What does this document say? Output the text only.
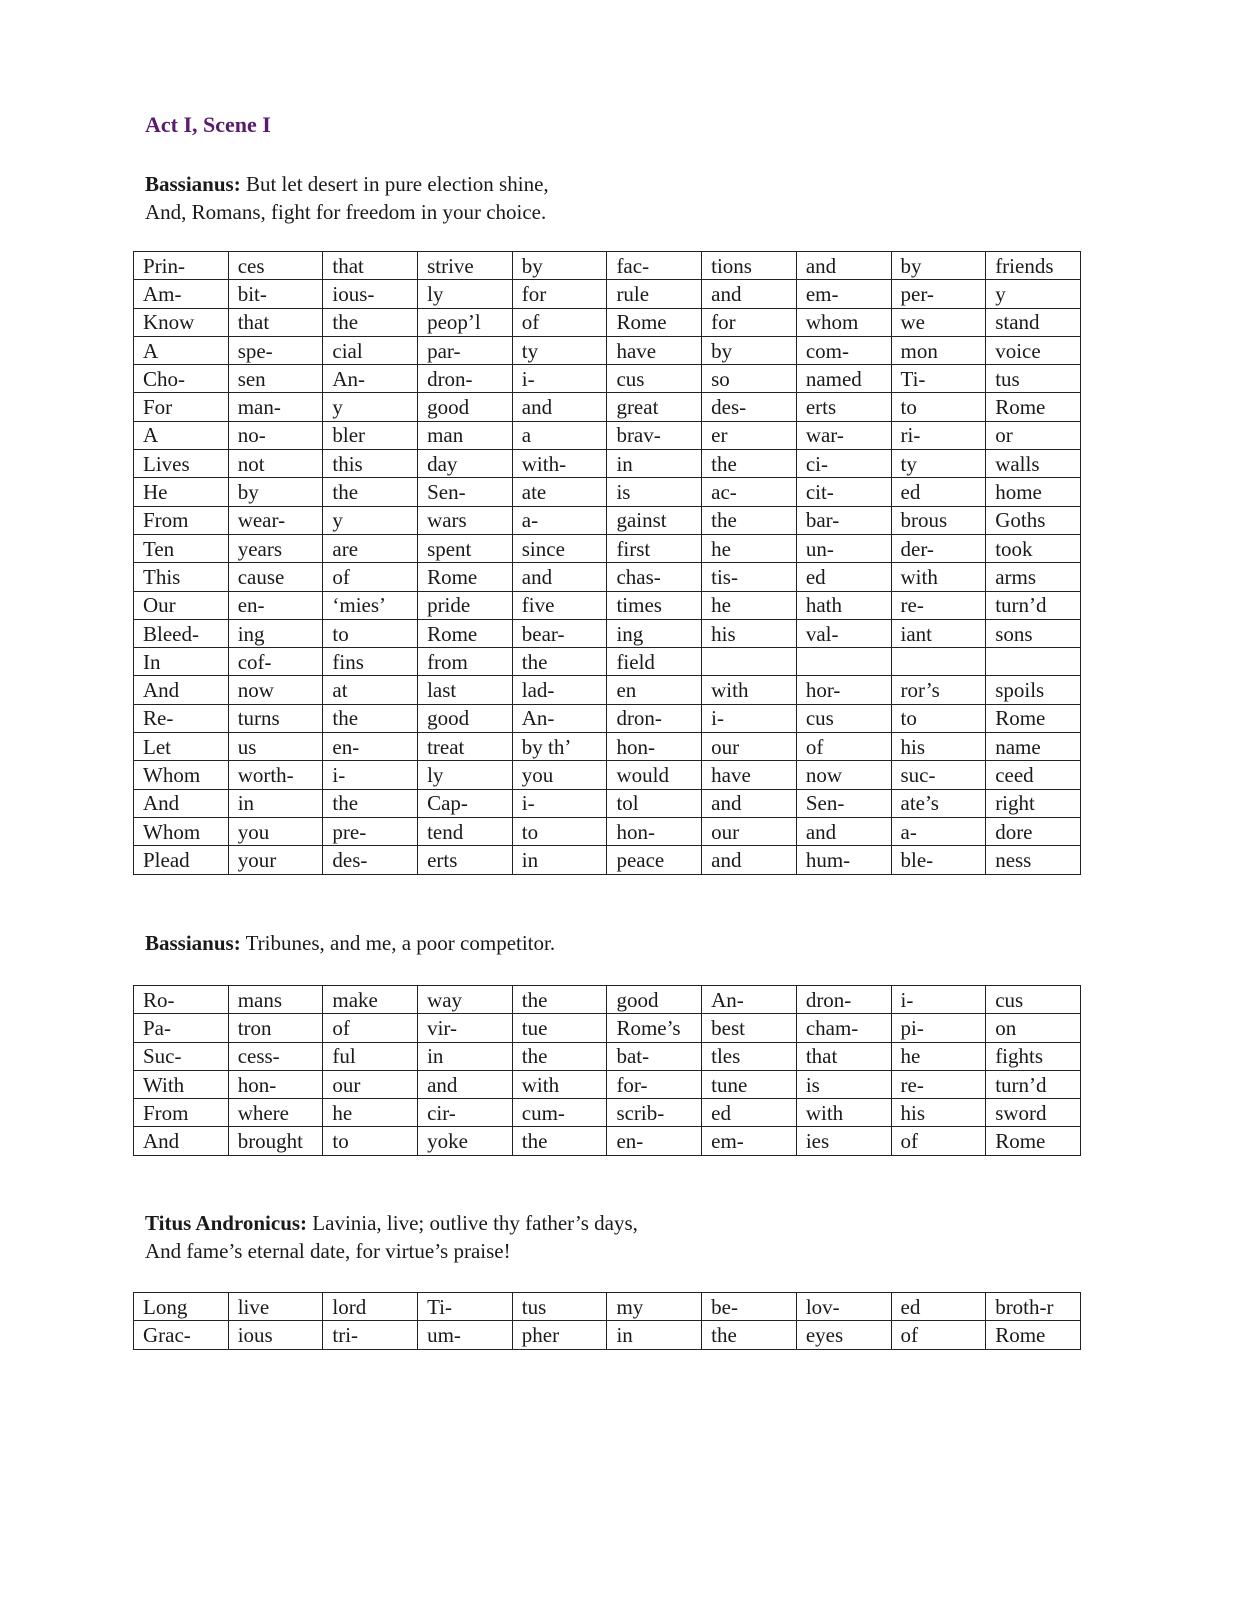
Act I, Scene I

Bassianus: But let desert in pure election shine,
And, Romans, fight for freedom in your choice.

Prin-	ces	that	strive	by	fac-	tions	and	by	friends
Am-	bit-	ious-	ly	for	rule	and	em-	per-	y
Know	that	the	peop’l	of	Rome	for	whom	we	stand
A	spe-	cial	par-	ty	have	by	com-	mon	voice
Cho-	sen	An-	dron-	i-	cus	so	named	Ti-	tus
For	man-	y	good	and	great	des-	erts	to	Rome
A	no-	bler	man	a	brav-	er	war-	ri-	or
Lives	not	this	day	with-	in	the	ci-	ty	walls
He	by	the	Sen-	ate	is	ac-	cit-	ed	home
From	wear-	y	wars	a-	gainst	the	bar-	brous	Goths
Ten	years	are	spent	since	first	he	un-	der-	took
This	cause	of	Rome	and	chas-	tis-	ed	with	arms
Our	en-	‘mies’	pride	five	times	he	hath	re-	turn’d
Bleed-	ing	to	Rome	bear-	ing	his	val-	iant	sons
In	cof-	fins	from	the	field				
And	now	at	last	lad-	en	with	hor-	ror’s	spoils
Re-	turns	the	good	An-	dron-	i-	cus	to	Rome
Let	us	en-	treat	by th’	hon-	our	of	his	name
Whom	worth-	i-	ly	you	would	have	now	suc-	ceed
And	in	the	Cap-	i-	tol	and	Sen-	ate’s	right
Whom	you	pre-	tend	to	hon-	our	and	a-	dore
Plead	your	des-	erts	in	peace	and	hum-	ble-	ness

Bassianus: Tribunes, and me, a poor competitor.

Ro-	mans	make	way	the	good	An-	dron-	i-	cus
Pa-	tron	of	vir-	tue	Rome’s	best	cham-	pi-	on
Suc-	cess-	ful	in	the	bat-	tles	that	he	fights
With	hon-	our	and	with	for-	tune	is	re-	turn’d
From	where	he	cir-	cum-	scrib-	ed	with	his	sword
And	brought	to	yoke	the	en-	em-	ies	of	Rome

Titus Andronicus: Lavinia, live; outlive thy father’s days,
And fame’s eternal date, for virtue’s praise!

Long	live	lord	Ti-	tus	my	be-	lov-	ed	broth-r
Grac-	ious	tri-	um-	pher	in	the	eyes	of	Rome
